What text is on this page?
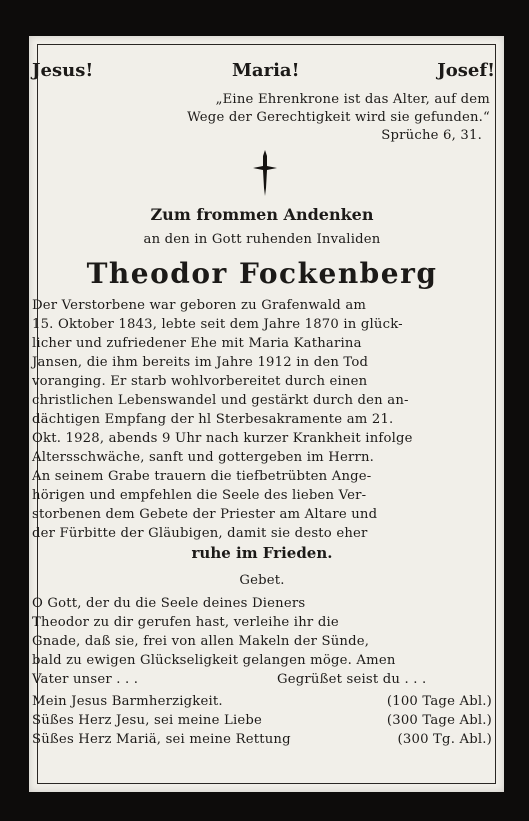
Jesus!	Maria!	Josef!
„Eine Ehrenkrone ist das Alter, auf dem
Wege der Gerechtigkeit wird sie gefunden.“
Sprüche 6, 31.
Zum frommen Andenken
an den in Gott ruhenden Invaliden
Theodor Fockenberg
Der Verstorbene war geboren zu Grafenwald am
15. Oktober 1843, lebte seit dem Jahre 1870 in glück-
licher und zufriedener Ehe mit Maria Katharina
Jansen, die ihm bereits im Jahre 1912 in den Tod
voranging. Er starb wohlvorbereitet durch einen
christlichen Lebenswandel und gestärkt durch den an-
dächtigen Empfang der hl Sterbesakramente am 21.
Okt. 1928, abends 9 Uhr nach kurzer Krankheit infolge
Altersschwäche, sanft und gottergeben im Herrn.
An seinem Grabe trauern die tiefbetrübten Ange-
hörigen und empfehlen die Seele des lieben Ver-
storbenen dem Gebete der Priester am Altare und
der Fürbitte der Gläubigen, damit sie desto eher
ruhe im Frieden.
Gebet.
O Gott, der du die Seele deines Dieners
Theodor zu dir gerufen hast, verleihe ihr die
Gnade, daß sie, frei von allen Makeln der Sünde,
bald zu ewigen Glückseligkeit gelangen möge. Amen
Vater unser . . .	Gegrüßet seist du . . .
Mein Jesus Barmherzigkeit.	(100 Tage Abl.)
Süßes Herz Jesu, sei meine Liebe	(300 Tage Abl.)
Süßes Herz Mariä, sei meine Rettung	(300 Tg. Abl.)
